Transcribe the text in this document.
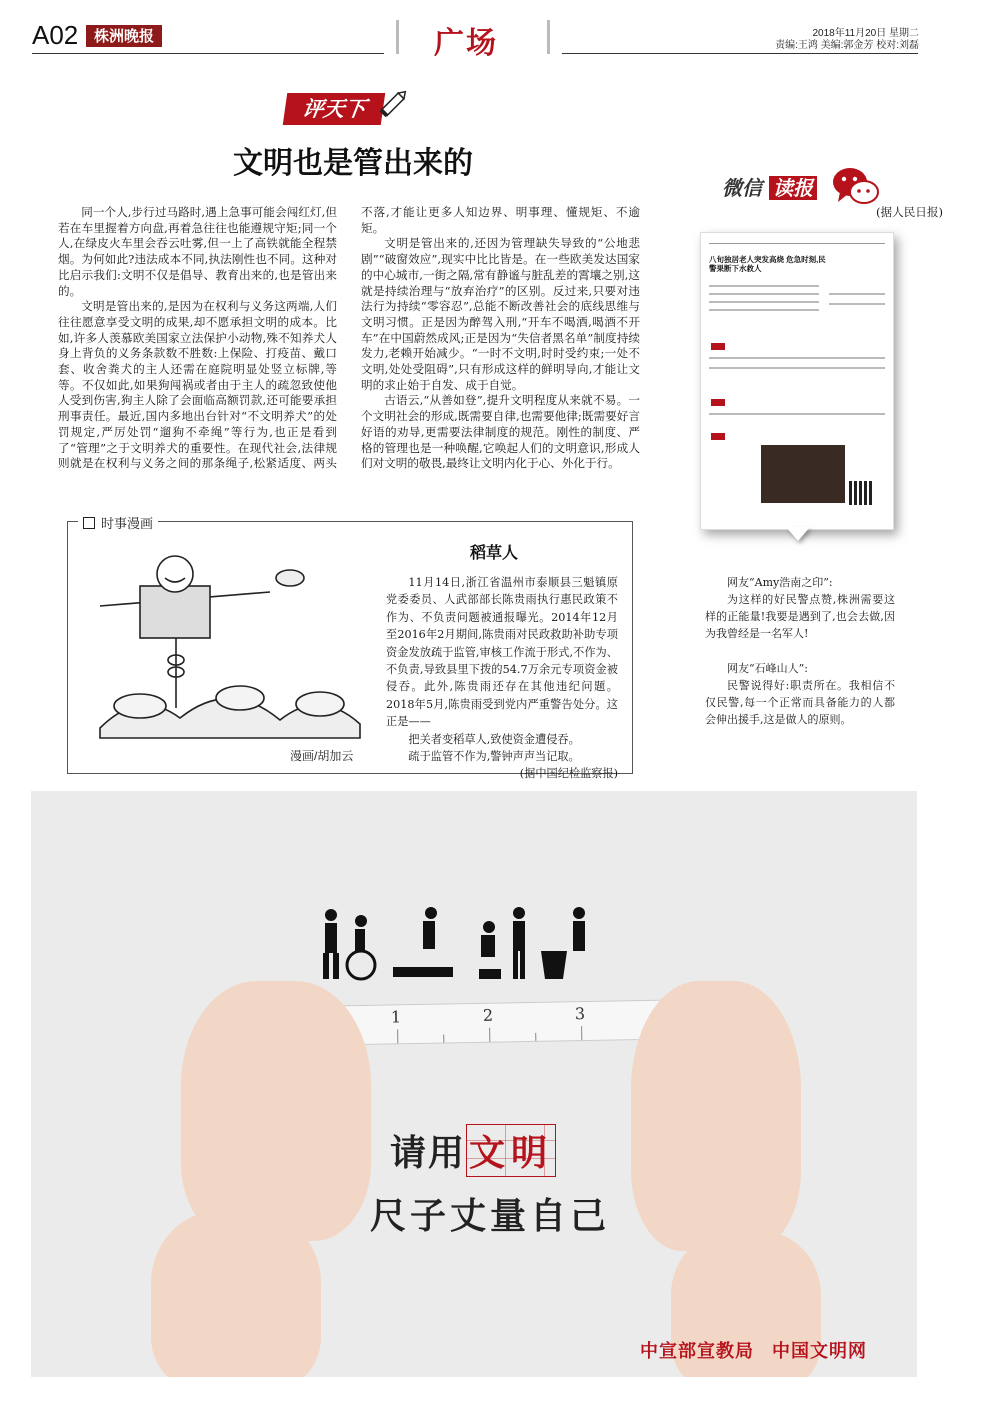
A02	株洲晚报	广场	2018年11月20日 星期二
责编:王鸿 美编:郭金芳 校对:刘磊
评天下
文明也是管出来的

同一个人,步行过马路时,遇上急事可能会闯红灯,但若在车里握着方向盘,再着急往往也能遵规守矩;同一个人,在绿皮火车里会吞云吐雾,但一上了高铁就能全程禁烟。为何如此?违法成本不同,执法刚性也不同。这种对比启示我们:文明不仅是倡导、教育出来的,也是管出来的。

文明是管出来的,是因为在权利与义务这两端,人们往往愿意享受文明的成果,却不愿承担文明的成本。比如,许多人羡慕欧美国家立法保护小动物,殊不知养犬人身上背负的义务条款数不胜数:上保险、打疫苗、戴口套、收舍粪犬的主人还需在庭院明显处竖立标牌,等等。不仅如此,如果狗闯祸或者由于主人的疏忽致使他人受到伤害,狗主人除了会面临高额罚款,还可能要承担刑事责任。最近,国内多地出台针对“不文明养犬”的处罚规定,严厉处罚“遛狗不牵绳”等行为,也正是看到了“管理”之于文明养犬的重要性。在现代社会,法律规则就是在权利与义务之间的那条绳子,松紧适度、两头不落,才能让更多人知边界、明事理、懂规矩、不逾矩。

文明是管出来的,还因为管理缺失导致的“公地悲剧”“破窗效应”,现实中比比皆是。在一些欧美发达国家的中心城市,一街之隔,常有静谧与脏乱差的霄壤之别,这就是持续治理与“放弃治疗”的区别。反过来,只要对违法行为持续“零容忍”,总能不断改善社会的底线思维与文明习惯。正是因为醉驾入刑,“开车不喝酒,喝酒不开车”在中国蔚然成风;正是因为“失信者黑名单”制度持续发力,老赖开始减少。“一时不文明,时时受约束;一处不文明,处处受阻碍”,只有形成这样的鲜明导向,才能让文明的求止始于自发、成于自觉。

古语云,“从善如登”,提升文明程度从来就不易。一个文明社会的形成,既需要自律,也需要他律;既需要好言好语的劝导,更需要法律制度的规范。刚性的制度、严格的管理也是一种唤醒,它唤起人们的文明意识,形成人们对文明的敬畏,最终让文明内化于心、外化于行。

(据人民日报)

微信 读报
八旬独居老人突发高烧 危急时刻,民警果断下水救人

网友“Amy浩南之印”:

为这样的好民警点赞,株洲需要这样的正能量!我要是遇到了,也会去做,因为我曾经是一名军人!

网友“石峰山人”:

民警说得好:职责所在。我相信不仅民警,每一个正常而具备能力的人都会伸出援手,这是做人的原则。

时事漫画
稻草人

11月14日,浙江省温州市泰顺县三魁镇原党委委员、人武部部长陈贵雨执行惠民政策不作为、不负责问题被通报曝光。2014年12月至2016年2月期间,陈贵雨对民政救助补助专项资金发放疏于监管,审核工作流于形式,不作为、不负责,导致县里下拨的54.7万余元专项资金被侵吞。此外,陈贵雨还存在其他违纪问题。2018年5月,陈贵雨受到党内严重警告处分。这正是——

把关者变稻草人,致使资金遭侵吞。

疏于监管不作为,警钟声声当记取。

(据中国纪检监察报)

漫画/胡加云
1	2	3
请用文明
尺子丈量自己
中宣部宣教局 中国文明网
